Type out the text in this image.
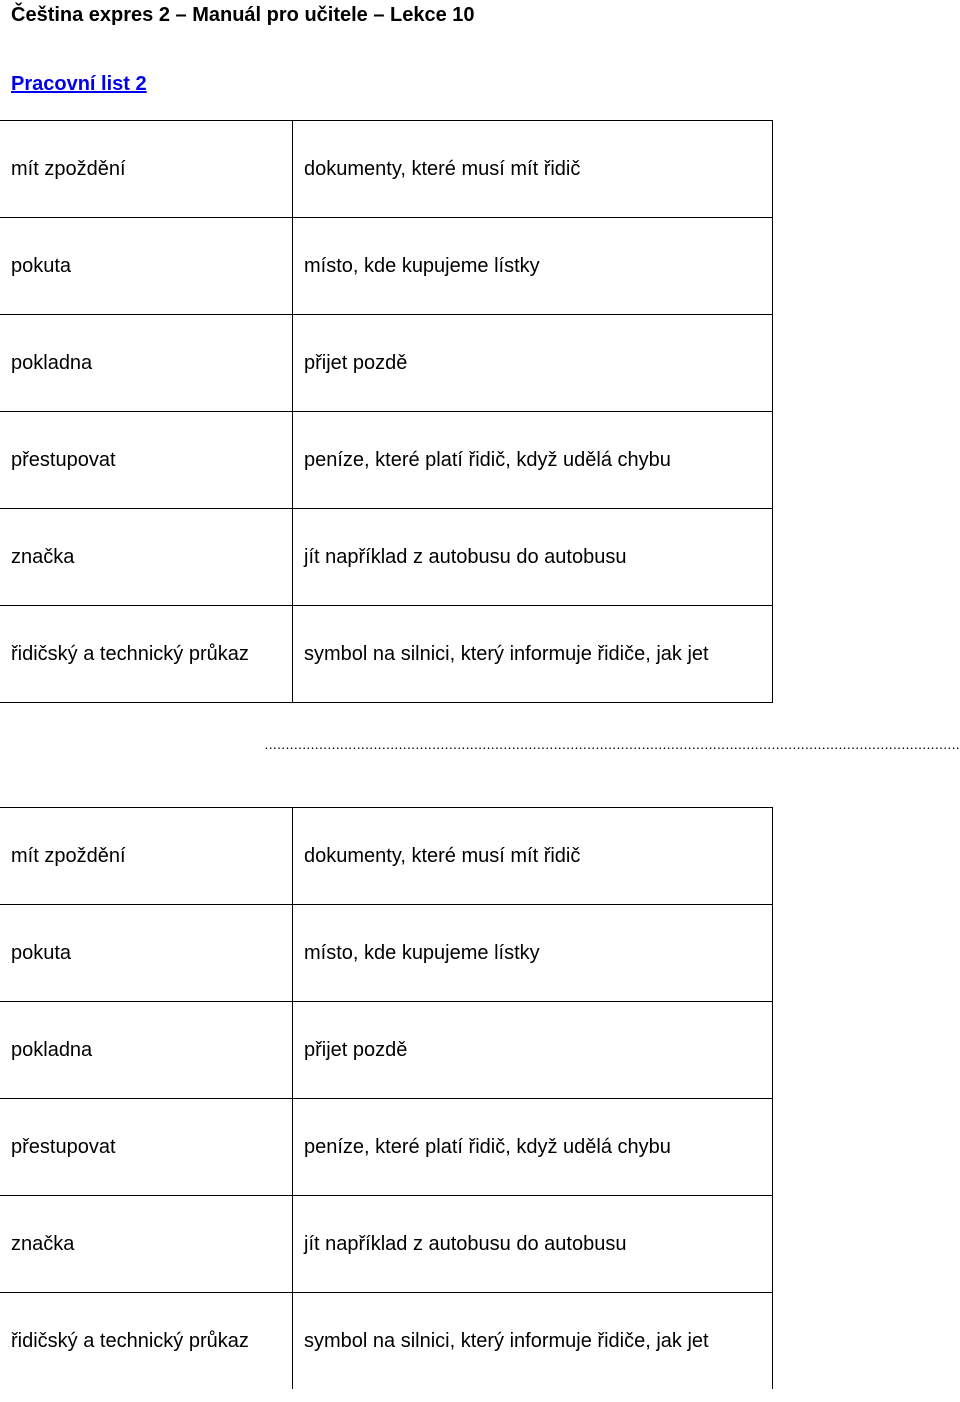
Čeština expres 2 – Manuál pro učitele – Lekce 10
Pracovní list 2
mít zpoždění	dokumenty, které musí mít řidič
pokuta	místo, kde kupujeme lístky
pokladna	přijet pozdě
přestupovat	peníze, které platí řidič, když udělá chybu
značka	jít například z autobusu do autobusu
řidičský a technický průkaz	symbol na silnici, který informuje řidiče, jak jet
......................................................................................................................................................................
mít zpoždění	dokumenty, které musí mít řidič
pokuta	místo, kde kupujeme lístky
pokladna	přijet pozdě
přestupovat	peníze, které platí řidič, když udělá chybu
značka	jít například z autobusu do autobusu
řidičský a technický průkaz	symbol na silnici, který informuje řidiče, jak jet
